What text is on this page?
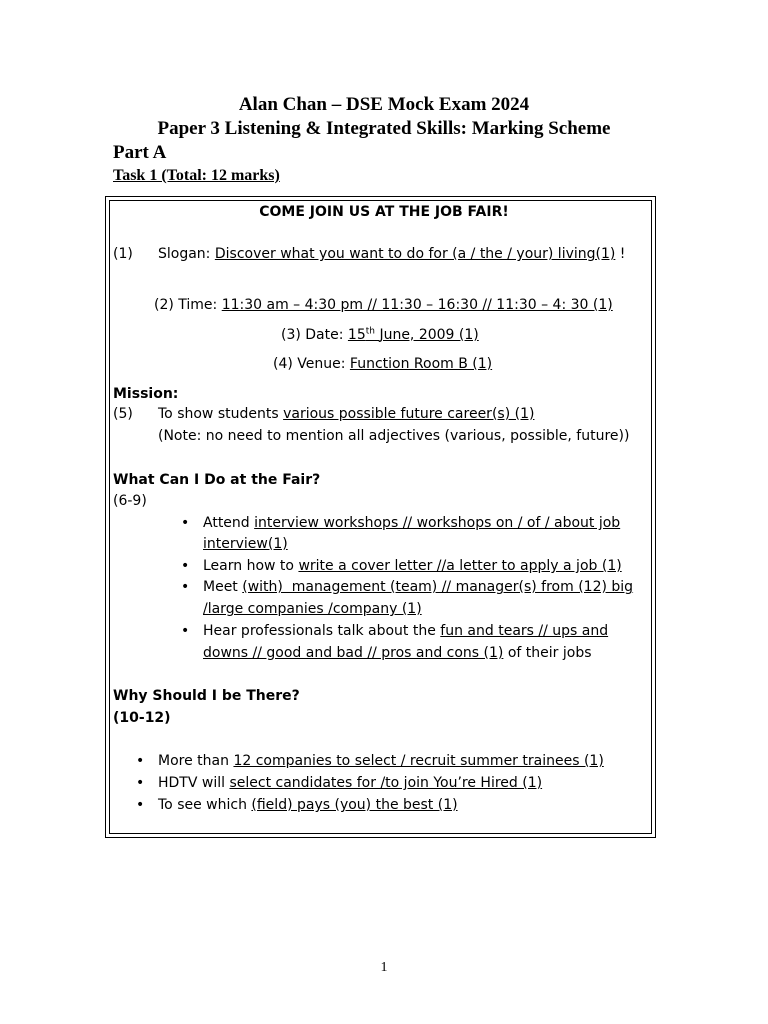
Alan Chan – DSE Mock Exam 2024
Paper 3 Listening & Integrated Skills: Marking Scheme
Part A
Task 1 (Total: 12 marks)
COME JOIN US AT THE JOB FAIR!
(1) Slogan: Discover what you want to do for (a / the / your) living(1) !
(2) Time: 11:30 am – 4:30 pm // 11:30 – 16:30 // 11:30 – 4: 30 (1)
(3) Date: 15th June, 2009 (1)
(4) Venue: Function Room B (1)
Mission:
(5) To show students various possible future career(s) (1)
(Note: no need to mention all adjectives (various, possible, future))
What Can I Do at the Fair?
(6-9)
• Attend interview workshops // workshops on / of / about job
interview(1)
• Learn how to write a cover letter //a letter to apply a job (1)
• Meet (with)  management (team) // manager(s) from (12) big
/large companies /company (1)
• Hear professionals talk about the fun and tears // ups and
downs // good and bad // pros and cons (1) of their jobs
Why Should I be There?
(10-12)
• More than 12 companies to select / recruit summer trainees (1)
• HDTV will select candidates for /to join You’re Hired (1)
• To see which (field) pays (you) the best (1)
1
